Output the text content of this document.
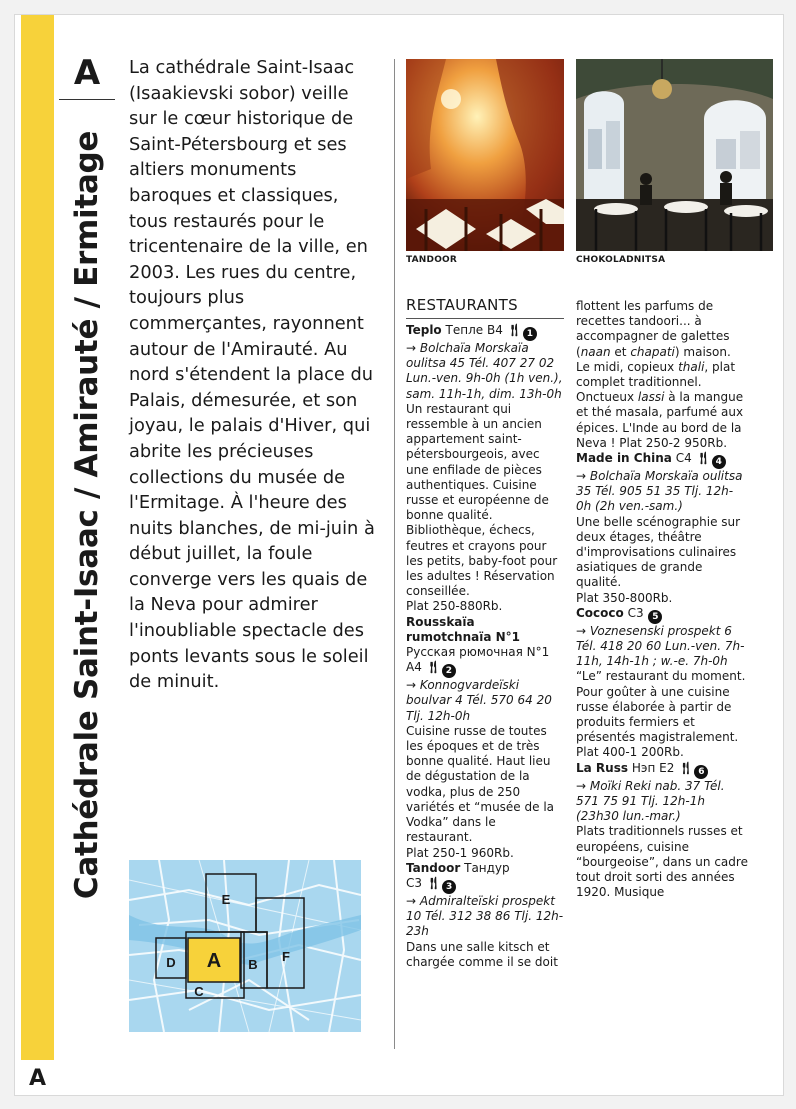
A
Cathédrale Saint-Isaac / Amirauté / Ermitage
A

La cathédrale Saint-Isaac (Isaakievski sobor) veille sur le cœur historique de Saint-Pétersbourg et ses altiers monuments baroques et classiques, tous restaurés pour le tricentenaire de la ville, en 2003. Les rues du centre, toujours plus commerçantes, rayonnent autour de l'Amirauté. Au nord s'étendent la place du Palais, démesurée, et son joyau, le palais d'Hiver, qui abrite les précieuses collections du musée de l'Ermitage. À l'heure des nuits blanches, de mi-juin à début juillet, la foule converge vers les quais de la Neva pour admirer l'inoubliable spectacle des ponts levants sous le soleil de minuit.

E
D A B
F
C
TANDOOR	CHOKOLADNITSA
RESTAURANTS
Teplo Тепле B4 🍴︎ 1
→ Bolchaïa Morskaïa oulitsa 45 Tél. 407 27 02 Lun.-ven. 9h-0h (1h ven.), sam. 11h-1h, dim. 13h-0h
Un restaurant qui ressemble à un ancien appartement saint-pétersbourgeois, avec une enfilade de pièces authentiques. Cuisine russe et européenne de bonne qualité. Bibliothèque, échecs, feutres et crayons pour les petits, baby-foot pour les adultes ! Réservation conseillée.
Plat 250-880Rb.
Rousskaïa rumotchnaïa N°1
Русская рюмочная N°1 A4 🍴︎ 2
→ Konnogvardeïski boulvar 4 Tél. 570 64 20 Tlj. 12h-0h
Cuisine russe de toutes les époques et de très bonne qualité. Haut lieu de dégustation de la vodka, plus de 250 variétés et “musée de la Vodka” dans le restaurant.
Plat 250-1 960Rb.
Tandoor Тандур
C3 🍴︎ 3
→ Admiralteïski prospekt 10 Tél. 312 38 86 Tlj. 12h-23h
Dans une salle kitsch et chargée comme il se doit
flottent les parfums de recettes tandoori... à accompagner de galettes (naan et chapati) maison. Le midi, copieux thali, plat complet traditionnel. Onctueux lassi à la mangue et thé masala, parfumé aux épices. L'Inde au bord de la Neva ! Plat 250-2 950Rb.
Made in China C4 🍴︎ 4
→ Bolchaïa Morskaïa oulitsa 35 Tél. 905 51 35 Tlj. 12h-0h (2h ven.-sam.)
Une belle scénographie sur deux étages, théâtre d'improvisations culinaires asiatiques de grande qualité.
Plat 350-800Rb.
Cococo C3 5
→ Voznesenski prospekt 6 Tél. 418 20 60 Lun.-ven. 7h-11h, 14h-1h ; w.-e. 7h-0h
“Le” restaurant du moment. Pour goûter à une cuisine russe élaborée à partir de produits fermiers et présentés magistralement.
Plat 400-1 200Rb.
La Russ Нэп E2 🍴︎ 6
→ Moïki Reki nab. 37 Tél. 571 75 91 Tlj. 12h-1h (23h30 lun.-mar.)
Plats traditionnels russes et européens, cuisine “bourgeoise”, dans un cadre tout droit sorti des années 1920. Musique
